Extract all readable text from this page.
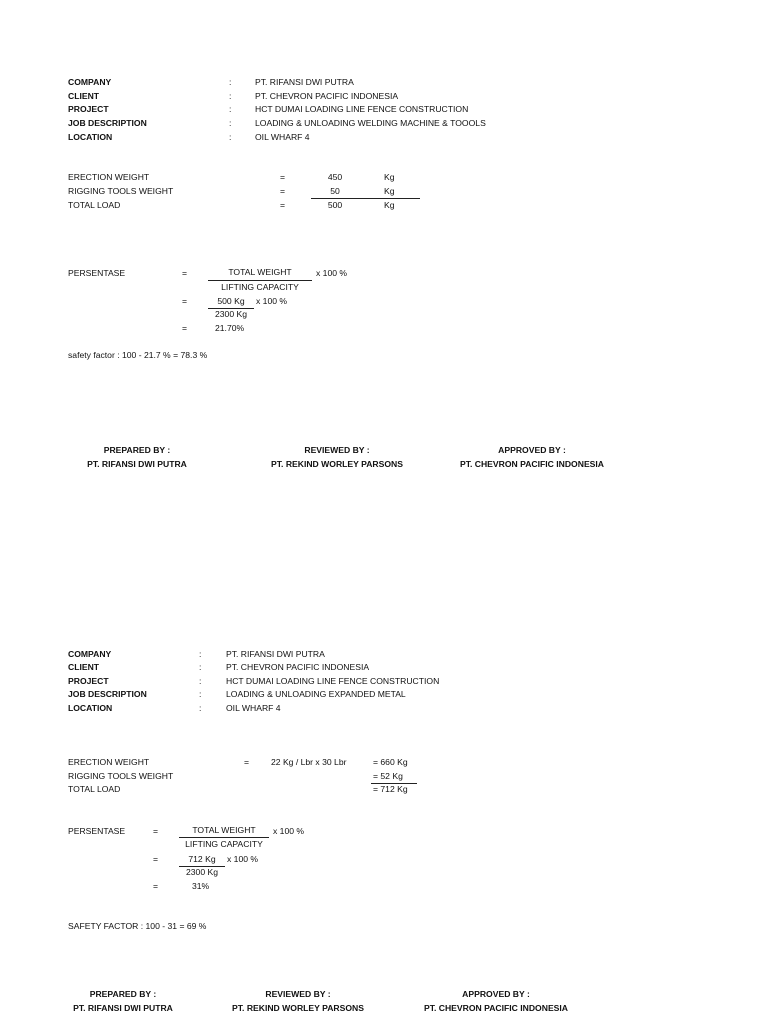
COMPANY	:	PT. RIFANSI DWI PUTRA
CLIENT	:	PT. CHEVRON PACIFIC INDONESIA
PROJECT	:	HCT DUMAI LOADING LINE FENCE CONSTRUCTION
JOB DESCRIPTION	:	LOADING & UNLOADING WELDING MACHINE & TOOOLS
LOCATION	:	OIL WHARF 4
ERECTION WEIGHT	=	450	Kg
RIGGING TOOLS WEIGHT	=	50	Kg
TOTAL LOAD	=	500	Kg
PERSENTASE	=	TOTAL WEIGHT	x 100 %
LIFTING CAPACITY
=	500 Kg	x 100 %
2300 Kg
=	21.70%
safety factor : 100 - 21.7 % = 78.3 %
PREPARED BY :
PT. RIFANSI DWI PUTRA
REVIEWED BY :
PT. REKIND WORLEY PARSONS
APPROVED BY :
PT. CHEVRON PACIFIC INDONESIA
COMPANY	:	PT. RIFANSI DWI PUTRA
CLIENT	:	PT. CHEVRON PACIFIC INDONESIA
PROJECT	:	HCT DUMAI LOADING LINE FENCE CONSTRUCTION
JOB DESCRIPTION	:	LOADING & UNLOADING EXPANDED METAL
LOCATION	:	OIL WHARF 4
ERECTION WEIGHT	=	22 Kg / Lbr x 30 Lbr	= 660 Kg
RIGGING TOOLS WEIGHT	= 52 Kg
TOTAL LOAD	= 712 Kg
PERSENTASE	=	TOTAL WEIGHT	x 100 %
LIFTING CAPACITY
=	712 Kg	x 100 %
2300 Kg
=	31%
SAFETY FACTOR : 100 - 31 = 69 %
PREPARED BY :
PT. RIFANSI DWI PUTRA
REVIEWED BY :
PT. REKIND WORLEY PARSONS
APPROVED BY :
PT. CHEVRON PACIFIC INDONESIA
